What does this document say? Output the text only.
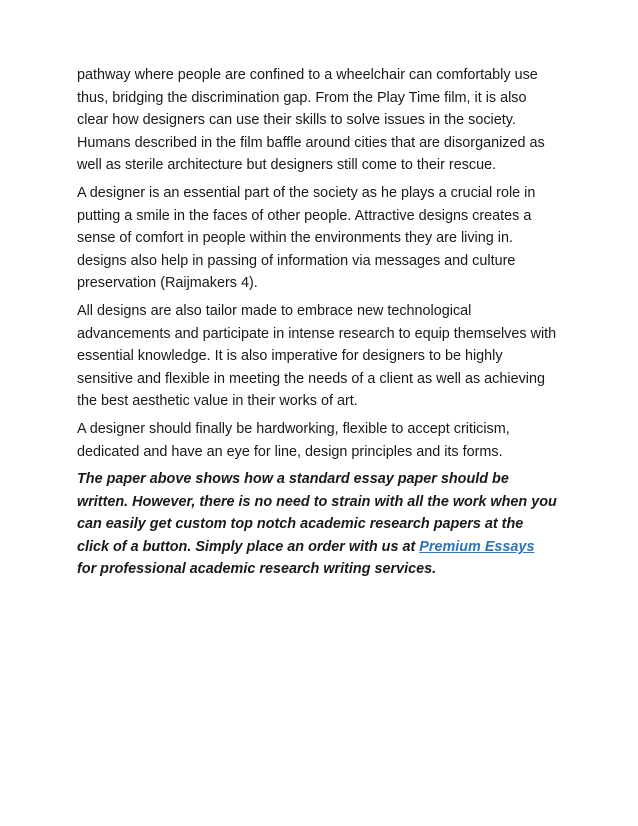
pathway where people are confined to a wheelchair can comfortably use thus, bridging the discrimination gap. From the Play Time film, it is also clear how designers can use their skills to solve issues in the society. Humans described in the film baffle around cities that are disorganized as well as sterile architecture but designers still come to their rescue.

A designer is an essential part of the society as he plays a crucial role in putting a smile in the faces of other people. Attractive designs creates a sense of comfort in people within the environments they are living in. designs also help in passing of information via messages and culture preservation (Raijmakers 4).

All designs are also tailor made to embrace new technological advancements and participate in intense research to equip themselves with essential knowledge. It is also imperative for designers to be highly sensitive and flexible in meeting the needs of a client as well as achieving the best aesthetic value in their works of art.

A designer should finally be hardworking, flexible to accept criticism, dedicated and have an eye for line, design principles and its forms.

The paper above shows how a standard essay paper should be written. However, there is no need to strain with all the work when you can easily get custom top notch academic research papers at the click of a button. Simply place an order with us at Premium Essays for professional academic research writing services.
